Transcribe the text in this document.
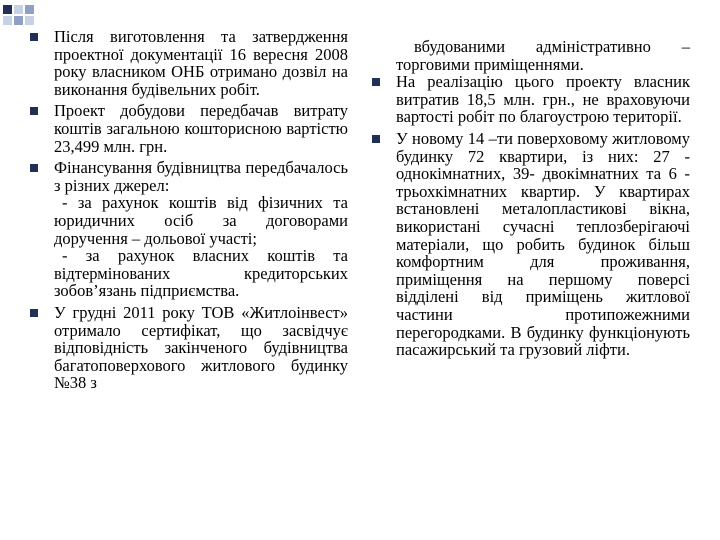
Після виготовлення та затвердження проектної документації 16 вересня 2008 року власником ОНБ отримано дозвіл на виконання будівельних робіт.
Проект добудови передбачав витрату коштів загальною кошторисною вартістю 23,499 млн. грн.
Фінансування будівництва передбачалось з різних джерел:
- за рахунок коштів від фізичних та юридичних осіб за договорами доручення – дольової участі;
- за рахунок власних коштів та відтермінованих кредиторських зобов’язань підприємства.
У грудні 2011 року ТОВ «Житлоінвест» отримало сертифікат, що засвідчує відповідність закінченого будівництва багатоповерхового житлового будинку №38 з
вбудованими адміністративно – торговими приміщеннями.
На реалізацію цього проекту власник витратив 18,5 млн. грн., не враховуючи вартості робіт по благоустрою території.
У новому 14 –ти поверховому житловому будинку 72 квартири, із них: 27 - однокімнатних, 39- двокімнатних та 6 - трьохкімнатних квартир. У квартирах встановлені металопластикові вікна, використані сучасні теплозберігаючі матеріали, що робить будинок більш комфортним для проживання, приміщення на першому поверсі відділені від приміщень житлової частини протипожежними перегородками. В будинку функціонують пасажирський та грузовий ліфти.
